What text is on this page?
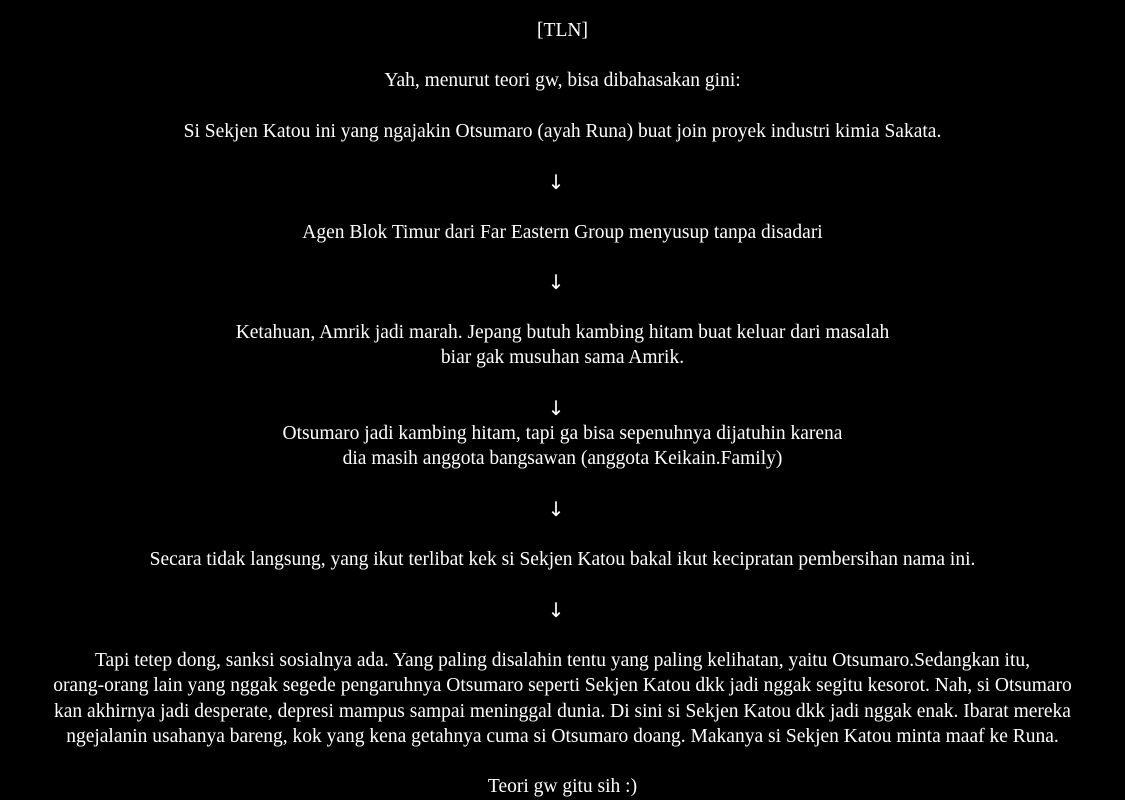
[TLN]
Yah, menurut teori gw, bisa dibahasakan gini:
Si Sekjen Katou ini yang ngajakin Otsumaro (ayah Runa) buat join proyek industri kimia Sakata.
↓
Agen Blok Timur dari Far Eastern Group menyusup tanpa disadari
↓
Ketahuan, Amrik jadi marah. Jepang butuh kambing hitam buat keluar dari masalah
biar gak musuhan sama Amrik.
↓
Otsumaro jadi kambing hitam, tapi ga bisa sepenuhnya dijatuhin karena
dia masih anggota bangsawan (anggota Keikain.Family)
↓
Secara tidak langsung, yang ikut terlibat kek si Sekjen Katou bakal ikut kecipratan pembersihan nama ini.
↓
Tapi tetep dong, sanksi sosialnya ada. Yang paling disalahin tentu yang paling kelihatan, yaitu Otsumaro.Sedangkan itu,
orang-orang lain yang nggak segede pengaruhnya Otsumaro seperti Sekjen Katou dkk jadi nggak segitu kesorot. Nah, si Otsumaro
kan akhirnya jadi desperate, depresi mampus sampai meninggal dunia. Di sini si Sekjen Katou dkk jadi nggak enak. Ibarat mereka
ngejalanin usahanya bareng, kok yang kena getahnya cuma si Otsumaro doang. Makanya si Sekjen Katou minta maaf ke Runa.
Teori gw gitu sih :)
